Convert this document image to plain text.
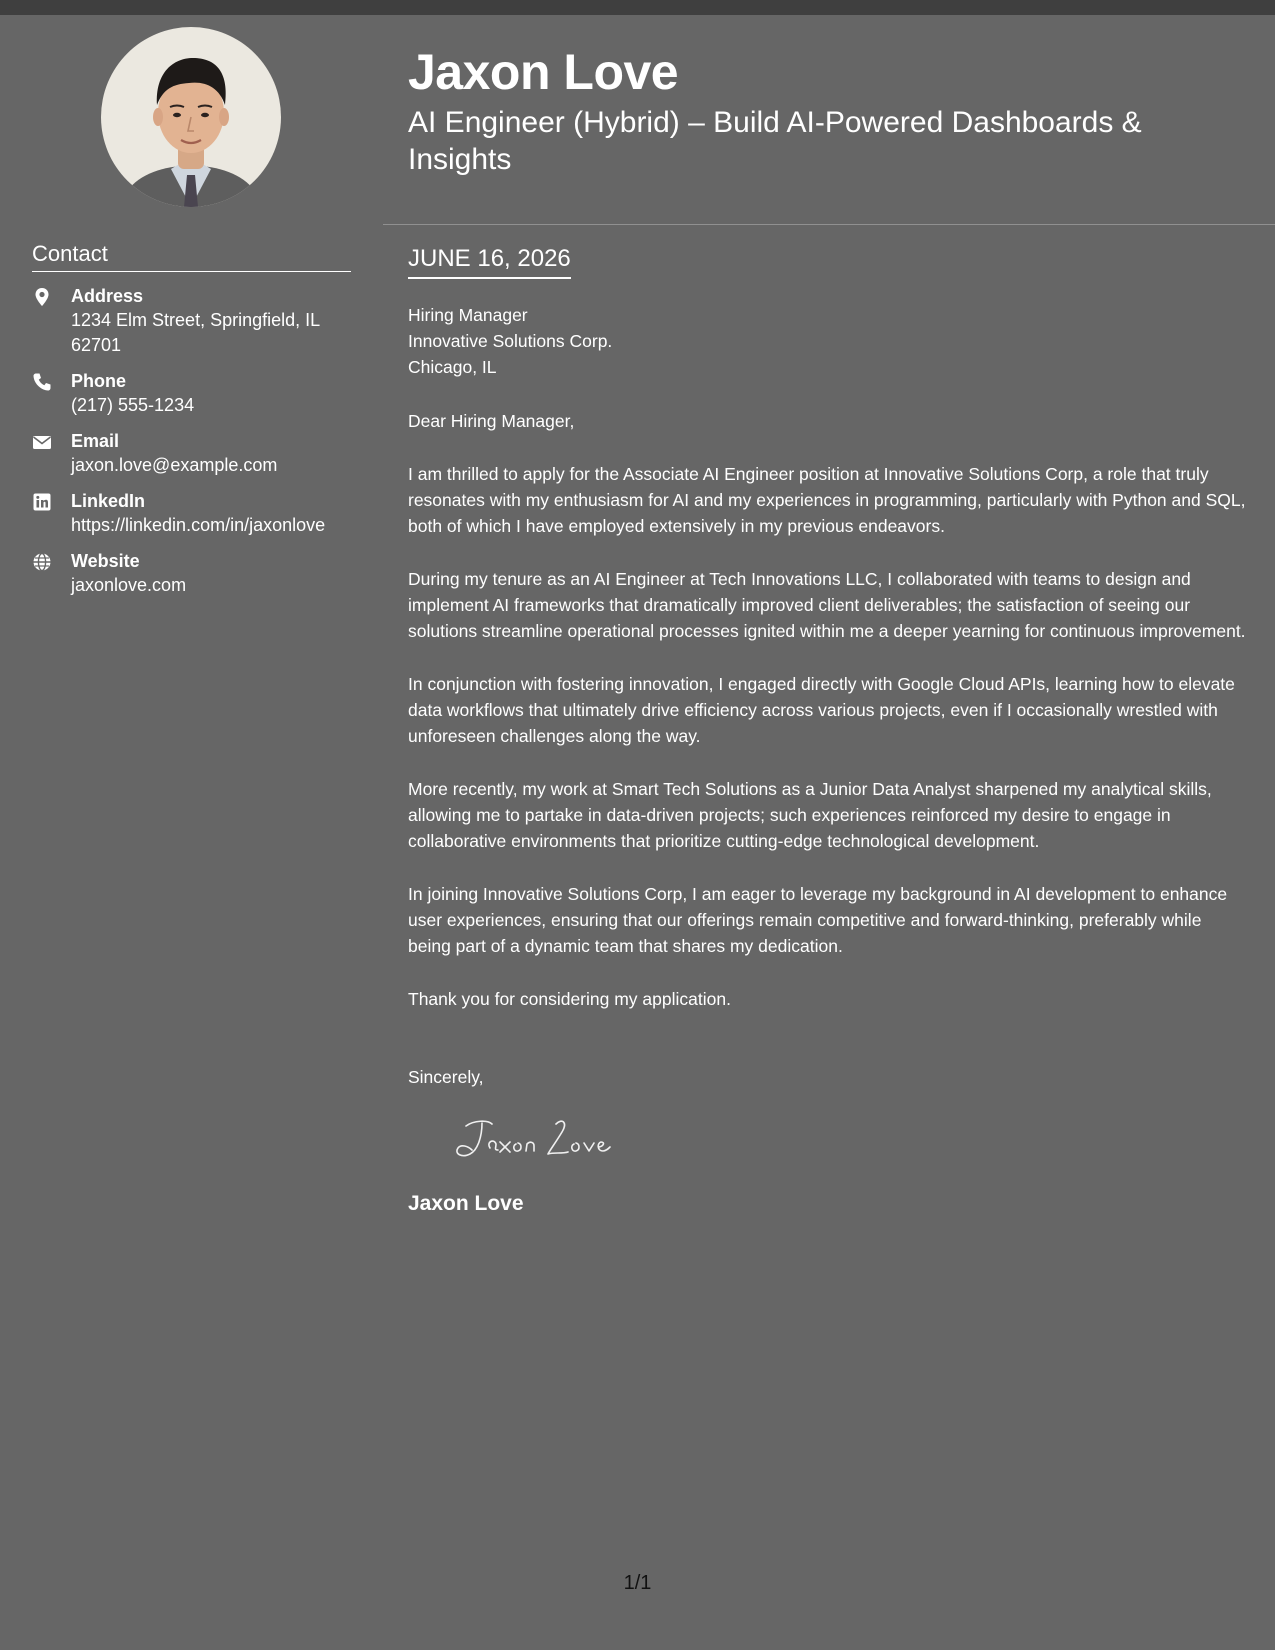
Contact
Address
1234 Elm Street, Springfield, IL 62701
Phone
(217) 555-1234
Email
jaxon.love@example.com
LinkedIn
https://linkedin.com/in/jaxonlove
Website
jaxonlove.com
Jaxon Love
AI Engineer (Hybrid) – Build AI-Powered Dashboards & Insights
JUNE 16, 2026
Hiring Manager
Innovative Solutions Corp.
Chicago, IL

Dear Hiring Manager,

I am thrilled to apply for the Associate AI Engineer position at Innovative Solutions Corp, a role that truly resonates with my enthusiasm for AI and my experiences in programming, particularly with Python and SQL, both of which I have employed extensively in my previous endeavors.

During my tenure as an AI Engineer at Tech Innovations LLC, I collaborated with teams to design and implement AI frameworks that dramatically improved client deliverables; the satisfaction of seeing our solutions streamline operational processes ignited within me a deeper yearning for continuous improvement.

In conjunction with fostering innovation, I engaged directly with Google Cloud APIs, learning how to elevate data workflows that ultimately drive efficiency across various projects, even if I occasionally wrestled with unforeseen challenges along the way.

More recently, my work at Smart Tech Solutions as a Junior Data Analyst sharpened my analytical skills, allowing me to partake in data-driven projects; such experiences reinforced my desire to engage in collaborative environments that prioritize cutting-edge technological development.

In joining Innovative Solutions Corp, I am eager to leverage my background in AI development to enhance user experiences, ensuring that our offerings remain competitive and forward-thinking, preferably while being part of a dynamic team that shares my dedication.

Thank you for considering my application.

Sincerely,

Jaxon Love
1/1
